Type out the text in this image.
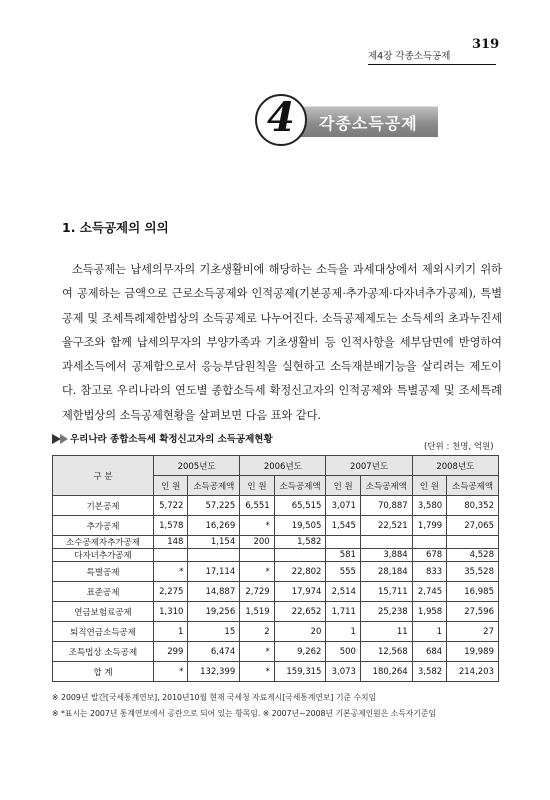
제4장 각종소득공제
319
각종소득공제
4
1. 소득공제의 의의
소득공제는 납세의무자의 기초생활비에 해당하는 소득을 과세대상에서 제외시키기 위하여 공제하는 금액으로 근로소득공제와 인적공제(기본공제·추가공제·다자녀추가공제), 특별공제 및 조세특례제한법상의 소득공제로 나누어진다. 소득공제제도는 소득세의 초과누진세율구조와 함께 납세의무자의 부양가족과 기초생활비 등 인적사항을 세부담면에 반영하여 과세소득에서 공제함으로서 응능부담원칙을 실현하고 소득재분배기능을 살리려는 제도이다. 참고로 우리나라의 연도별 종합소득세 확정신고자의 인적공제와 특별공제 및 조세특례제한법상의 소득공제현황을 살펴보면 다음 표와 같다.
우리나라 종합소득세 확정신고자의 소득공제현황
(단위 : 천명, 억원)
구 분	2005년도		2006년도		2007년도		2008년도	
	인 원	소득공제액	인 원	소득공제액	인 원	소득공제액	인 원	소득공제액
기본공제	5,722	57,225	6,551	65,515	3,071	70,887	3,580	80,352
추가공제	1,578	16,269	*	19,505	1,545	22,521	1,799	27,065
소수공제자추가공제	148	1,154	200	1,582				
다자녀추가공제					581	3,884	678	4,528
특별공제	*	17,114	*	22,802	555	28,184	833	35,528
표준공제	2,275	14,887	2,729	17,974	2,514	15,711	2,745	16,985
연금보험료공제	1,310	19,256	1,519	22,652	1,711	25,238	1,958	27,596
퇴직연금소득공제	1	15	2	20	1	11	1	27
조특법상 소득공제	299	6,474	*	9,262	500	12,568	684	19,989
합 계	*	132,399	*	159,315	3,073	180,264	3,582	214,203
※ 2009년 발간[국세통계연보], 2010년10월 현재 국세청 자료게시[국세통계연보] 기준 수치임
※ *표시는 2007년 통계연보에서 공란으로 되어 있는 항목임. ※ 2007년~2008년 기본공제인원은 소득자기준임
